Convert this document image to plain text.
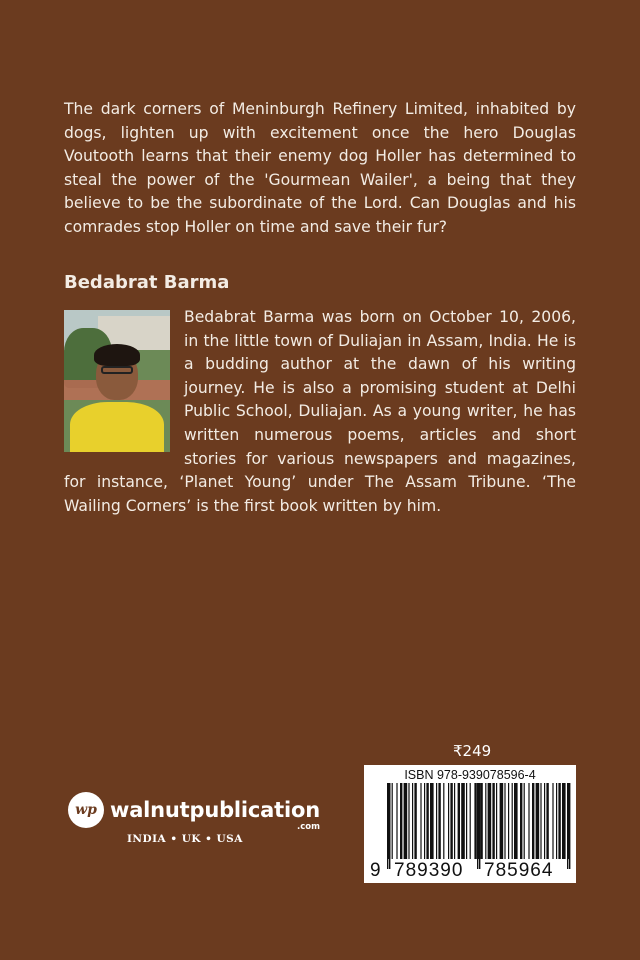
The dark corners of Meninburgh Refinery Limited, inhabited by dogs, lighten up with excitement once the hero Douglas Voutooth learns that their enemy dog Holler has determined to steal the power of the 'Gourmean Wailer', a being that they believe to be the subordinate of the Lord. Can Douglas and his comrades stop Holler on time and save their fur?

Bedabrat Barma

Bedabrat Barma was born on October 10, 2006, in the little town of Duliajan in Assam, India. He is a budding author at the dawn of his writing journey. He is also a promising student at Delhi Public School, Duliajan. As a young writer, he has written numerous poems, articles and short stories for various newspapers and magazines, for instance, ‘Planet Young’ under The Assam Tribune. ‘The Wailing Corners’ is the first book written by him.

wp walnutpublication
.com
INDIA • UK • USA
₹249
ISBN 978-939078596-4
9 789390 785964
